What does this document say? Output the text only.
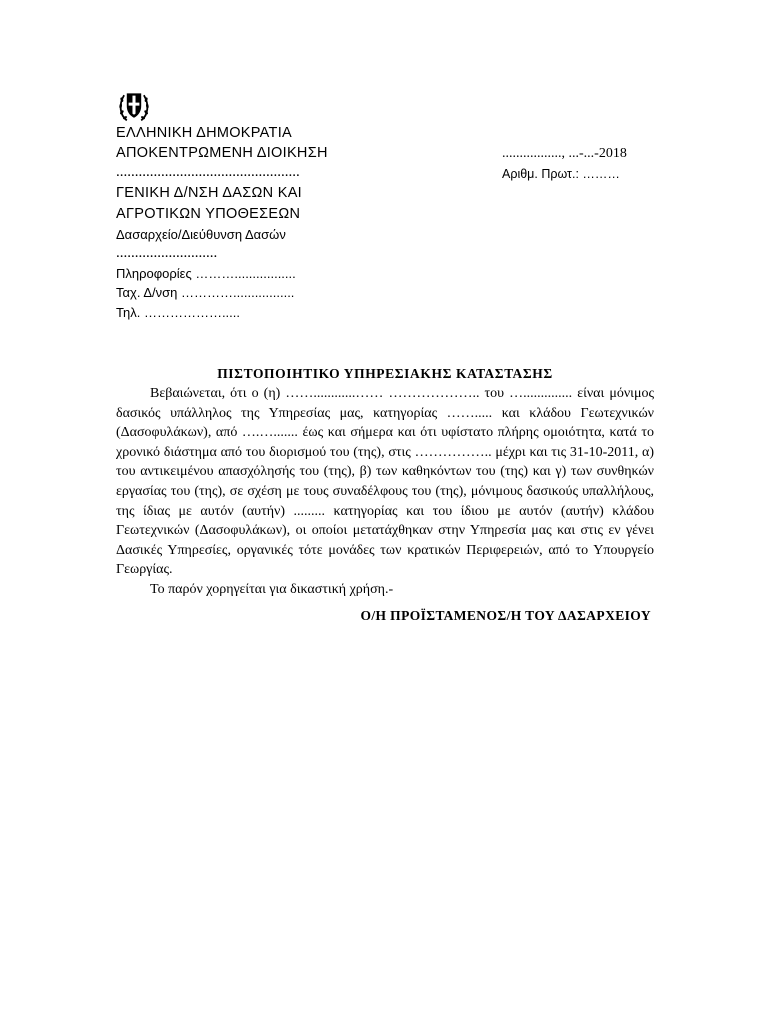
ΕΛΛΗΝΙΚΗ ΔΗΜΟΚΡΑΤΙΑ
ΑΠΟΚΕΝΤΡΩΜΕΝΗ ΔΙΟΙΚΗΣΗ
.................................................
ΓΕΝΙΚΗ Δ/ΝΣΗ ΔΑΣΩΝ ΚΑΙ
ΑΓΡΟΤΙΚΩΝ ΥΠΟΘΕΣΕΩΝ
Δασαρχείο/Διεύθυνση Δασών
...........................
Πληροφορίες ……….................
Ταχ. Δ/νση ………….................
Τηλ. ……………….....
................., ...-...-2018
Αριθμ. Πρωτ.: ………
ΠΙΣΤΟΠΟΙΗΤΙΚΟ ΥΠΗΡΕΣΙΑΚΗΣ ΚΑΤΑΣΤΑΣΗΣ

Βεβαιώνεται, ότι ο (η) ……............…… ……………….. του ….............. είναι μόνιμος δασικός υπάλληλος της Υπηρεσίας μας, κατηγορίας ……..... και κλάδου Γεωτεχνικών (Δασοφυλάκων), από ….…....... έως και σήμερα και ότι υφίστατο πλήρης ομοιότητα, κατά το χρονικό διάστημα από του διορισμού του (της), στις …………….. μέχρι και τις 31-10-2011, α) του αντικειμένου απασχόλησής του (της), β) των καθηκόντων του (της) και γ) των συνθηκών εργασίας του (της), σε σχέση με τους συναδέλφους του (της), μόνιμους δασικούς υπαλλήλους, της ίδιας με αυτόν (αυτήν) ......... κατηγορίας και του ίδιου με αυτόν (αυτήν) κλάδου Γεωτεχνικών (Δασοφυλάκων), οι οποίοι μετατάχθηκαν στην Υπηρεσία μας και στις εν γένει Δασικές Υπηρεσίες, οργανικές τότε μονάδες των κρατικών Περιφερειών, από το Υπουργείο Γεωργίας.

Το παρόν χορηγείται για δικαστική χρήση.-

Ο/Η ΠΡΟΪΣΤΑΜΕΝΟΣ/Η ΤΟΥ ΔΑΣΑΡΧΕΙΟΥ
